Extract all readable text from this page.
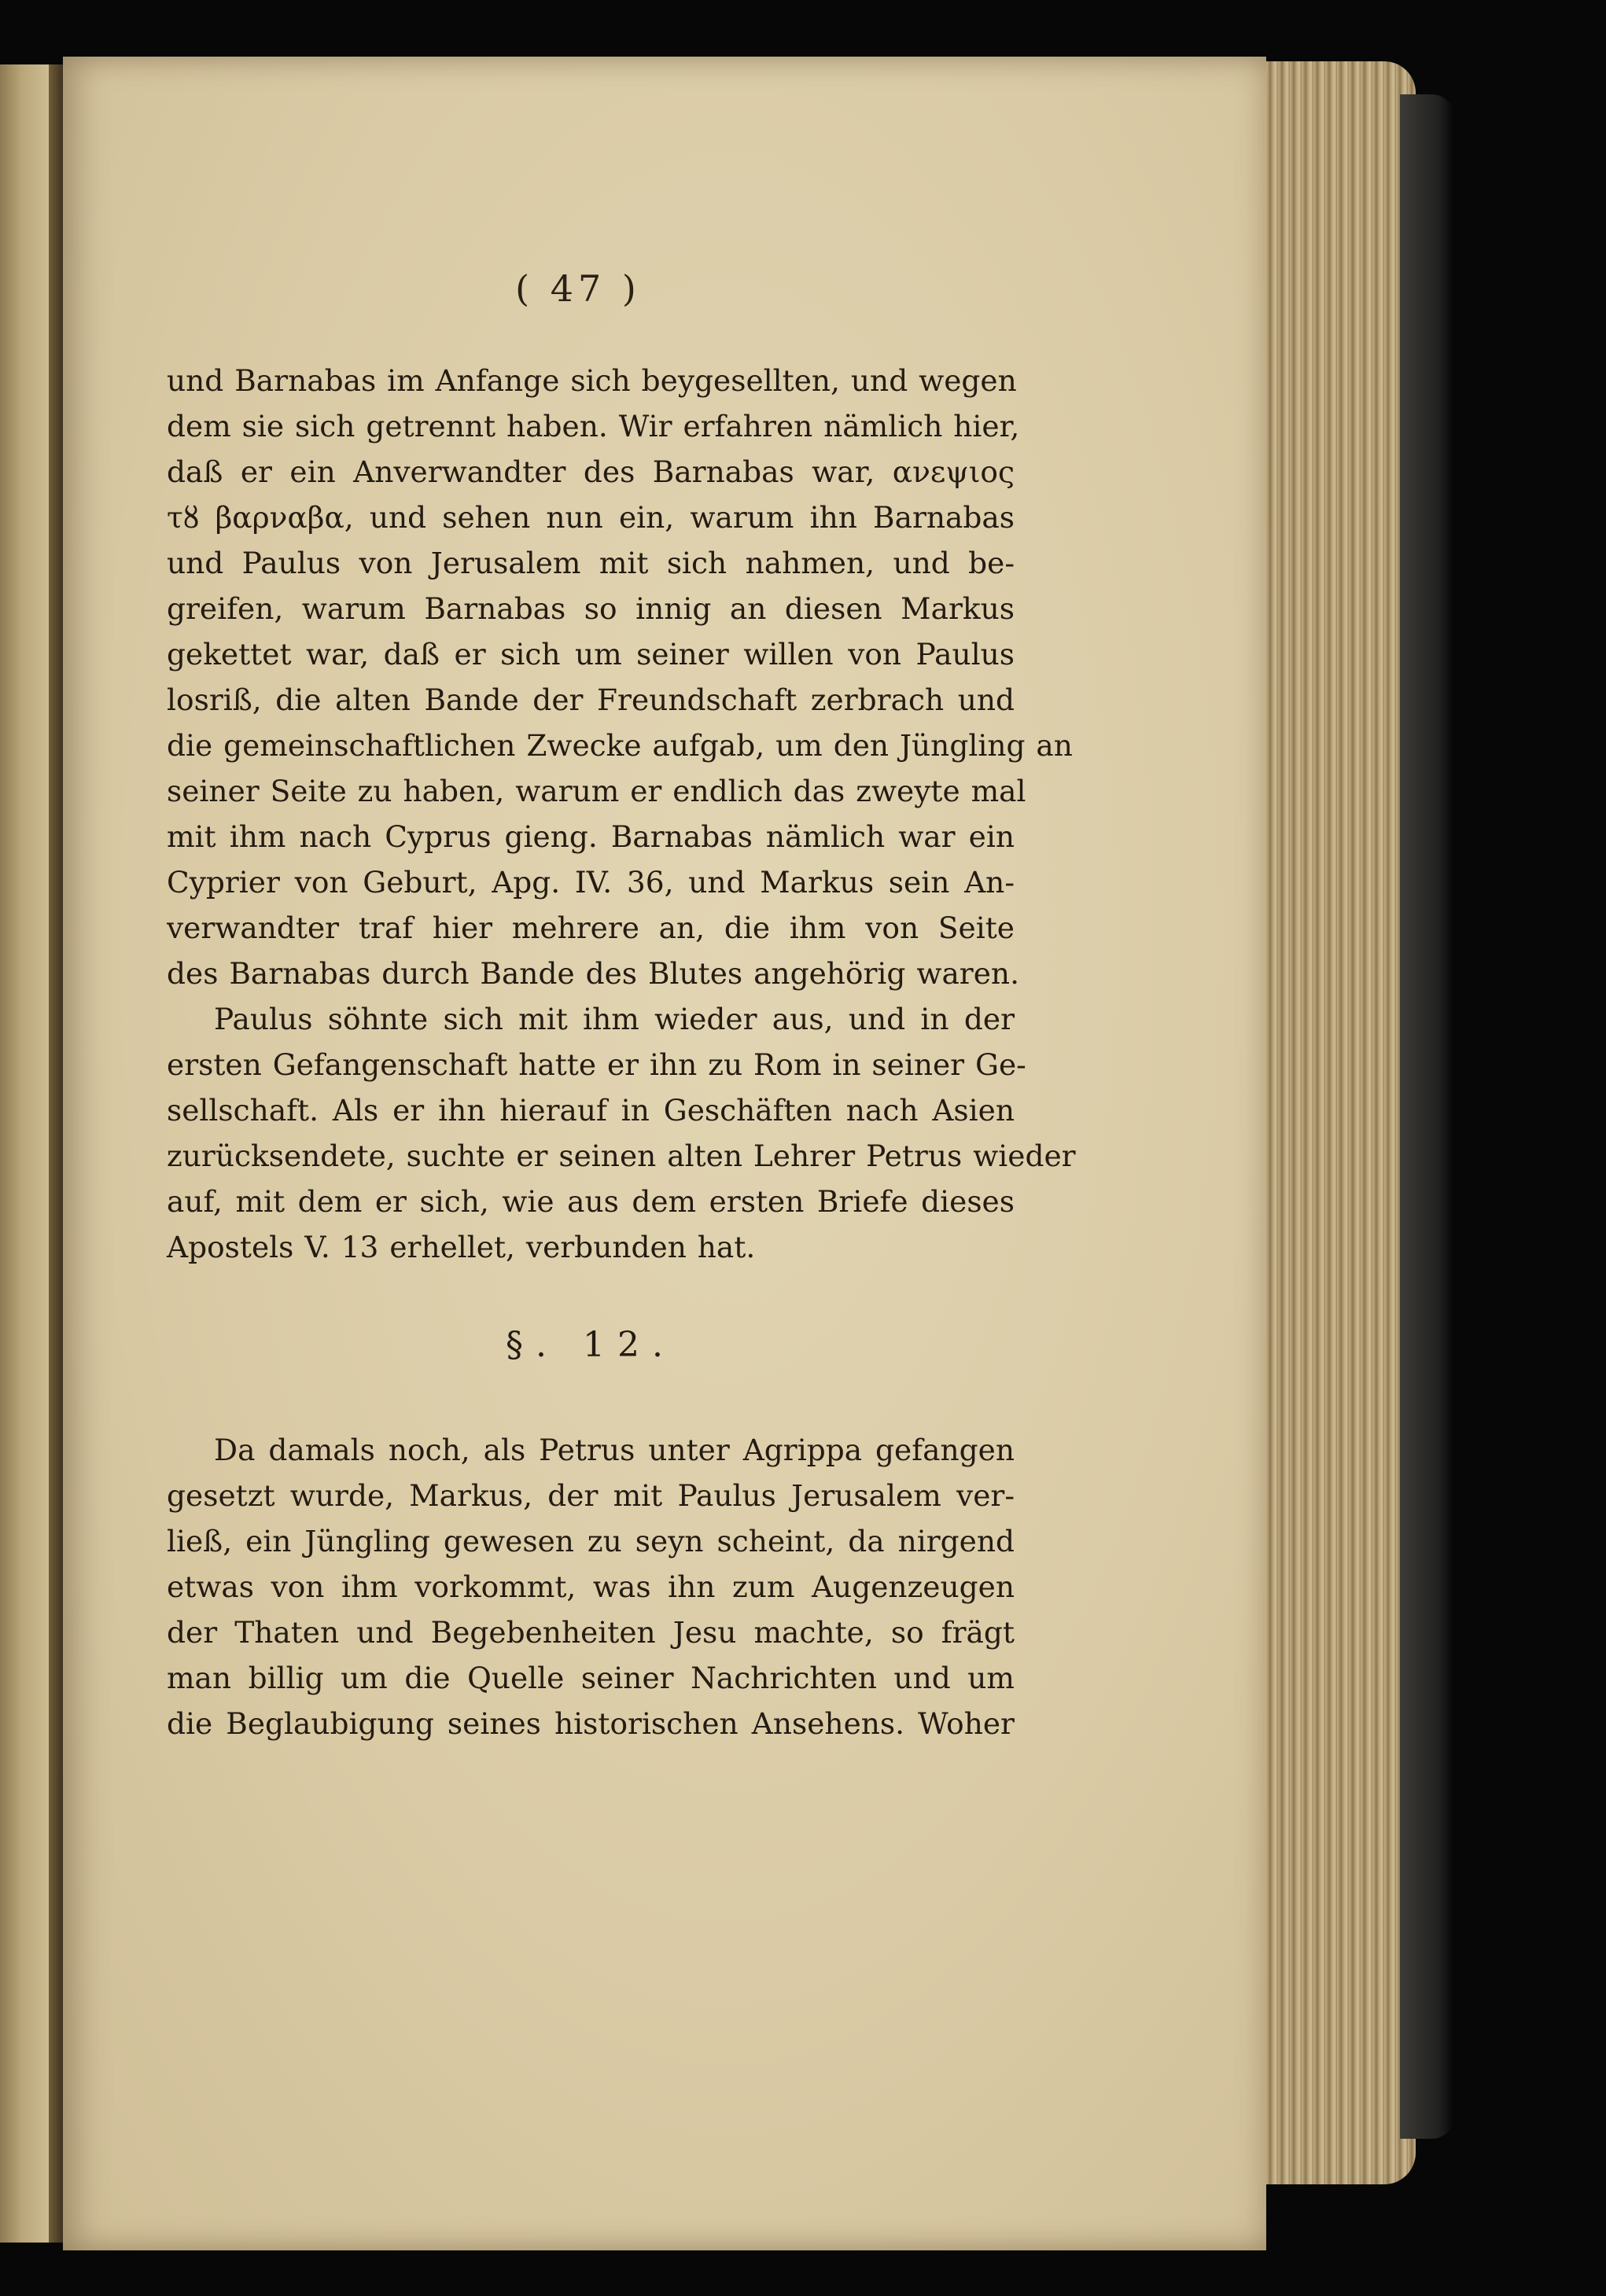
( 47 )
und Barnabas im Anfange sich beygesellten, und wegen
dem sie sich getrennt haben. Wir erfahren nämlich hier,
daß er ein Anverwandter des Barnabas war, ανεψιος
τȣ βαρναβα, und sehen nun ein, warum ihn Barnabas
und Paulus von Jerusalem mit sich nahmen, und be-
greifen, warum Barnabas so innig an diesen Markus
gekettet war, daß er sich um seiner willen von Paulus
losriß, die alten Bande der Freundschaft zerbrach und
die gemeinschaftlichen Zwecke aufgab, um den Jüngling an
seiner Seite zu haben, warum er endlich das zweyte mal
mit ihm nach Cyprus gieng. Barnabas nämlich war ein
Cyprier von Geburt, Apg. IV. 36, und Markus sein An-
verwandter traf hier mehrere an, die ihm von Seite
des Barnabas durch Bande des Blutes angehörig waren.
Paulus söhnte sich mit ihm wieder aus, und in der
ersten Gefangenschaft hatte er ihn zu Rom in seiner Ge-
sellschaft. Als er ihn hierauf in Geschäften nach Asien
zurücksendete, suchte er seinen alten Lehrer Petrus wieder
auf, mit dem er sich, wie aus dem ersten Briefe dieses
Apostels V. 13 erhellet, verbunden hat.
§. 12.
Da damals noch, als Petrus unter Agrippa gefangen
gesetzt wurde, Markus, der mit Paulus Jerusalem ver-
ließ, ein Jüngling gewesen zu seyn scheint, da nirgend
etwas von ihm vorkommt, was ihn zum Augenzeugen
der Thaten und Begebenheiten Jesu machte, so frägt
man billig um die Quelle seiner Nachrichten und um
die Beglaubigung seines historischen Ansehens. Woher
